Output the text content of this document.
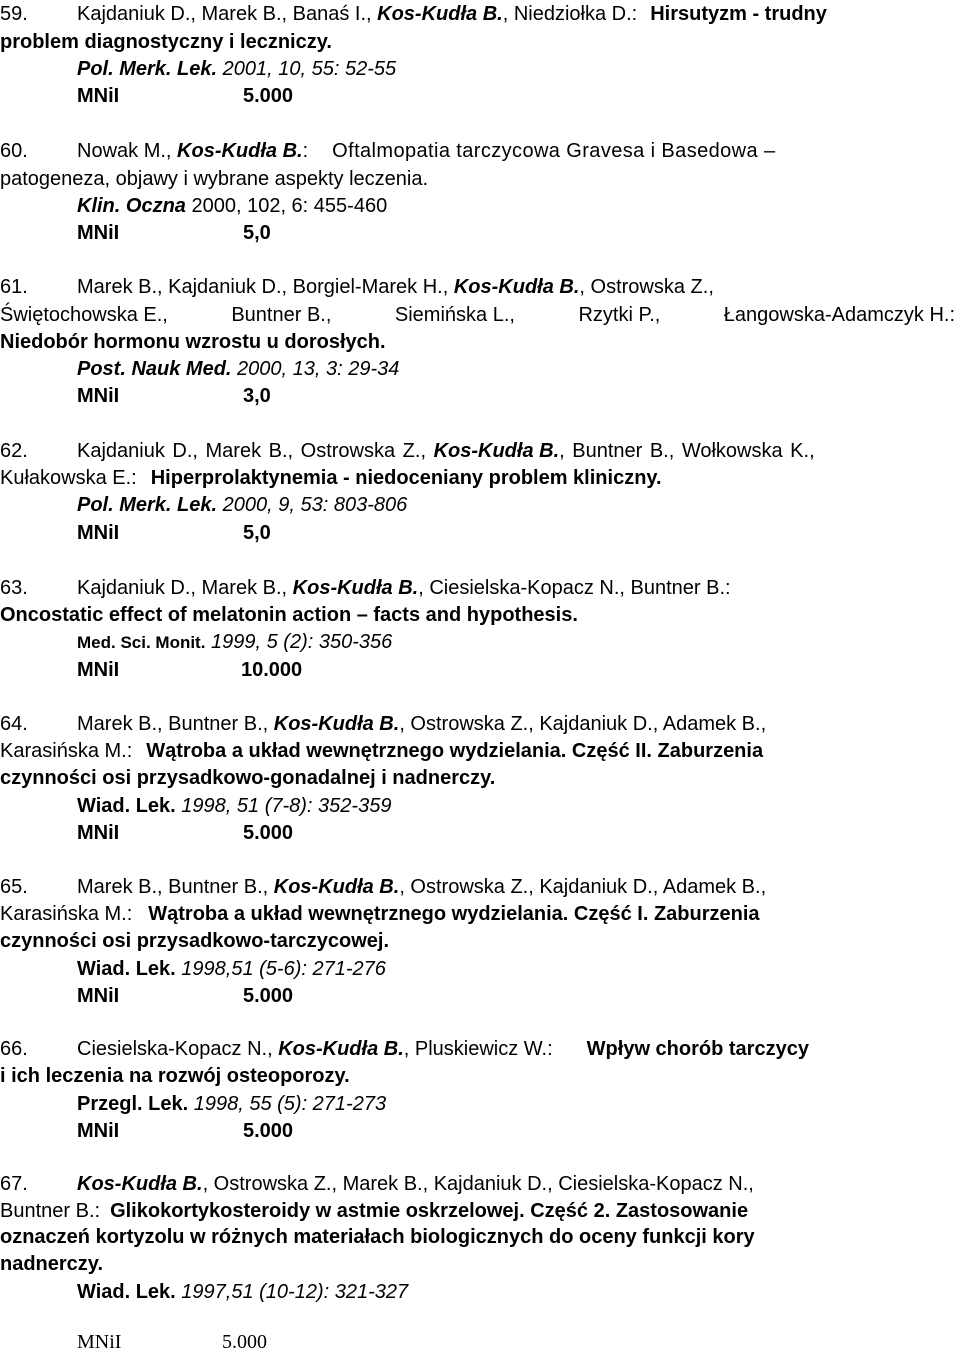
59. Kajdaniuk D., Marek B., Banaś I., Kos-Kudła B., Niedziołka D.: Hirsutyzm - trudny
problem diagnostyczny i leczniczy.
Pol. Merk. Lek. 2001, 10, 55: 52-55
MNiI	5.000
60. Nowak M., Kos-Kudła B.: Oftalmopatia tarczycowa Gravesa i Basedowa –
patogeneza, objawy i wybrane aspekty leczenia.
Klin. Oczna 2000, 102, 6: 455-460
MNiI	5,0
61. Marek B., Kajdaniuk D., Borgiel-Marek H., Kos-Kudła B., Ostrowska Z.,
Świętochowska E.,	Buntner B.,	Siemińska L.,	Rzytki P.,	Łangowska-Adamczyk H.:
Niedobór hormonu wzrostu u dorosłych.
Post. Nauk Med. 2000, 13, 3: 29-34
MNiI	3,0
62. Kajdaniuk D., Marek B., Ostrowska Z., Kos-Kudła B., Buntner B., Wołkowska K.,
Kułakowska E.: Hiperprolaktynemia - niedoceniany problem kliniczny.
Pol. Merk. Lek. 2000, 9, 53: 803-806
MNiI	5,0
63. Kajdaniuk D., Marek B., Kos-Kudła B., Ciesielska-Kopacz N., Buntner B.:
Oncostatic effect of melatonin action – facts and hypothesis.
Med. Sci. Monit. 1999, 5 (2): 350-356
MNiI	10.000
64. Marek B., Buntner B., Kos-Kudła B., Ostrowska Z., Kajdaniuk D., Adamek B.,
Karasińska M.: Wątroba a układ wewnętrznego wydzielania. Część II. Zaburzenia
czynności osi przysadkowo-gonadalnej i nadnerczy.
Wiad. Lek. 1998, 51 (7-8): 352-359
MNiI	5.000
65. Marek B., Buntner B., Kos-Kudła B., Ostrowska Z., Kajdaniuk D., Adamek B.,
Karasińska M.: Wątroba a układ wewnętrznego wydzielania. Część I. Zaburzenia
czynności osi przysadkowo-tarczycowej.
Wiad. Lek. 1998,51 (5-6): 271-276
MNiI	5.000
66. Ciesielska-Kopacz N., Kos-Kudła B., Pluskiewicz W.: Wpływ chorób tarczycy
i ich leczenia na rozwój osteoporozy.
Przegl. Lek. 1998, 55 (5): 271-273
MNiI	5.000
67. Kos-Kudła B., Ostrowska Z., Marek B., Kajdaniuk D., Ciesielska-Kopacz N.,
Buntner B.: Glikokortykosteroidy w astmie oskrzelowej. Część 2. Zastosowanie
oznaczeń kortyzolu w różnych materiałach biologicznych do oceny funkcji kory
nadnerczy.
Wiad. Lek. 1997,51 (10-12): 321-327
MNiI	5.000
